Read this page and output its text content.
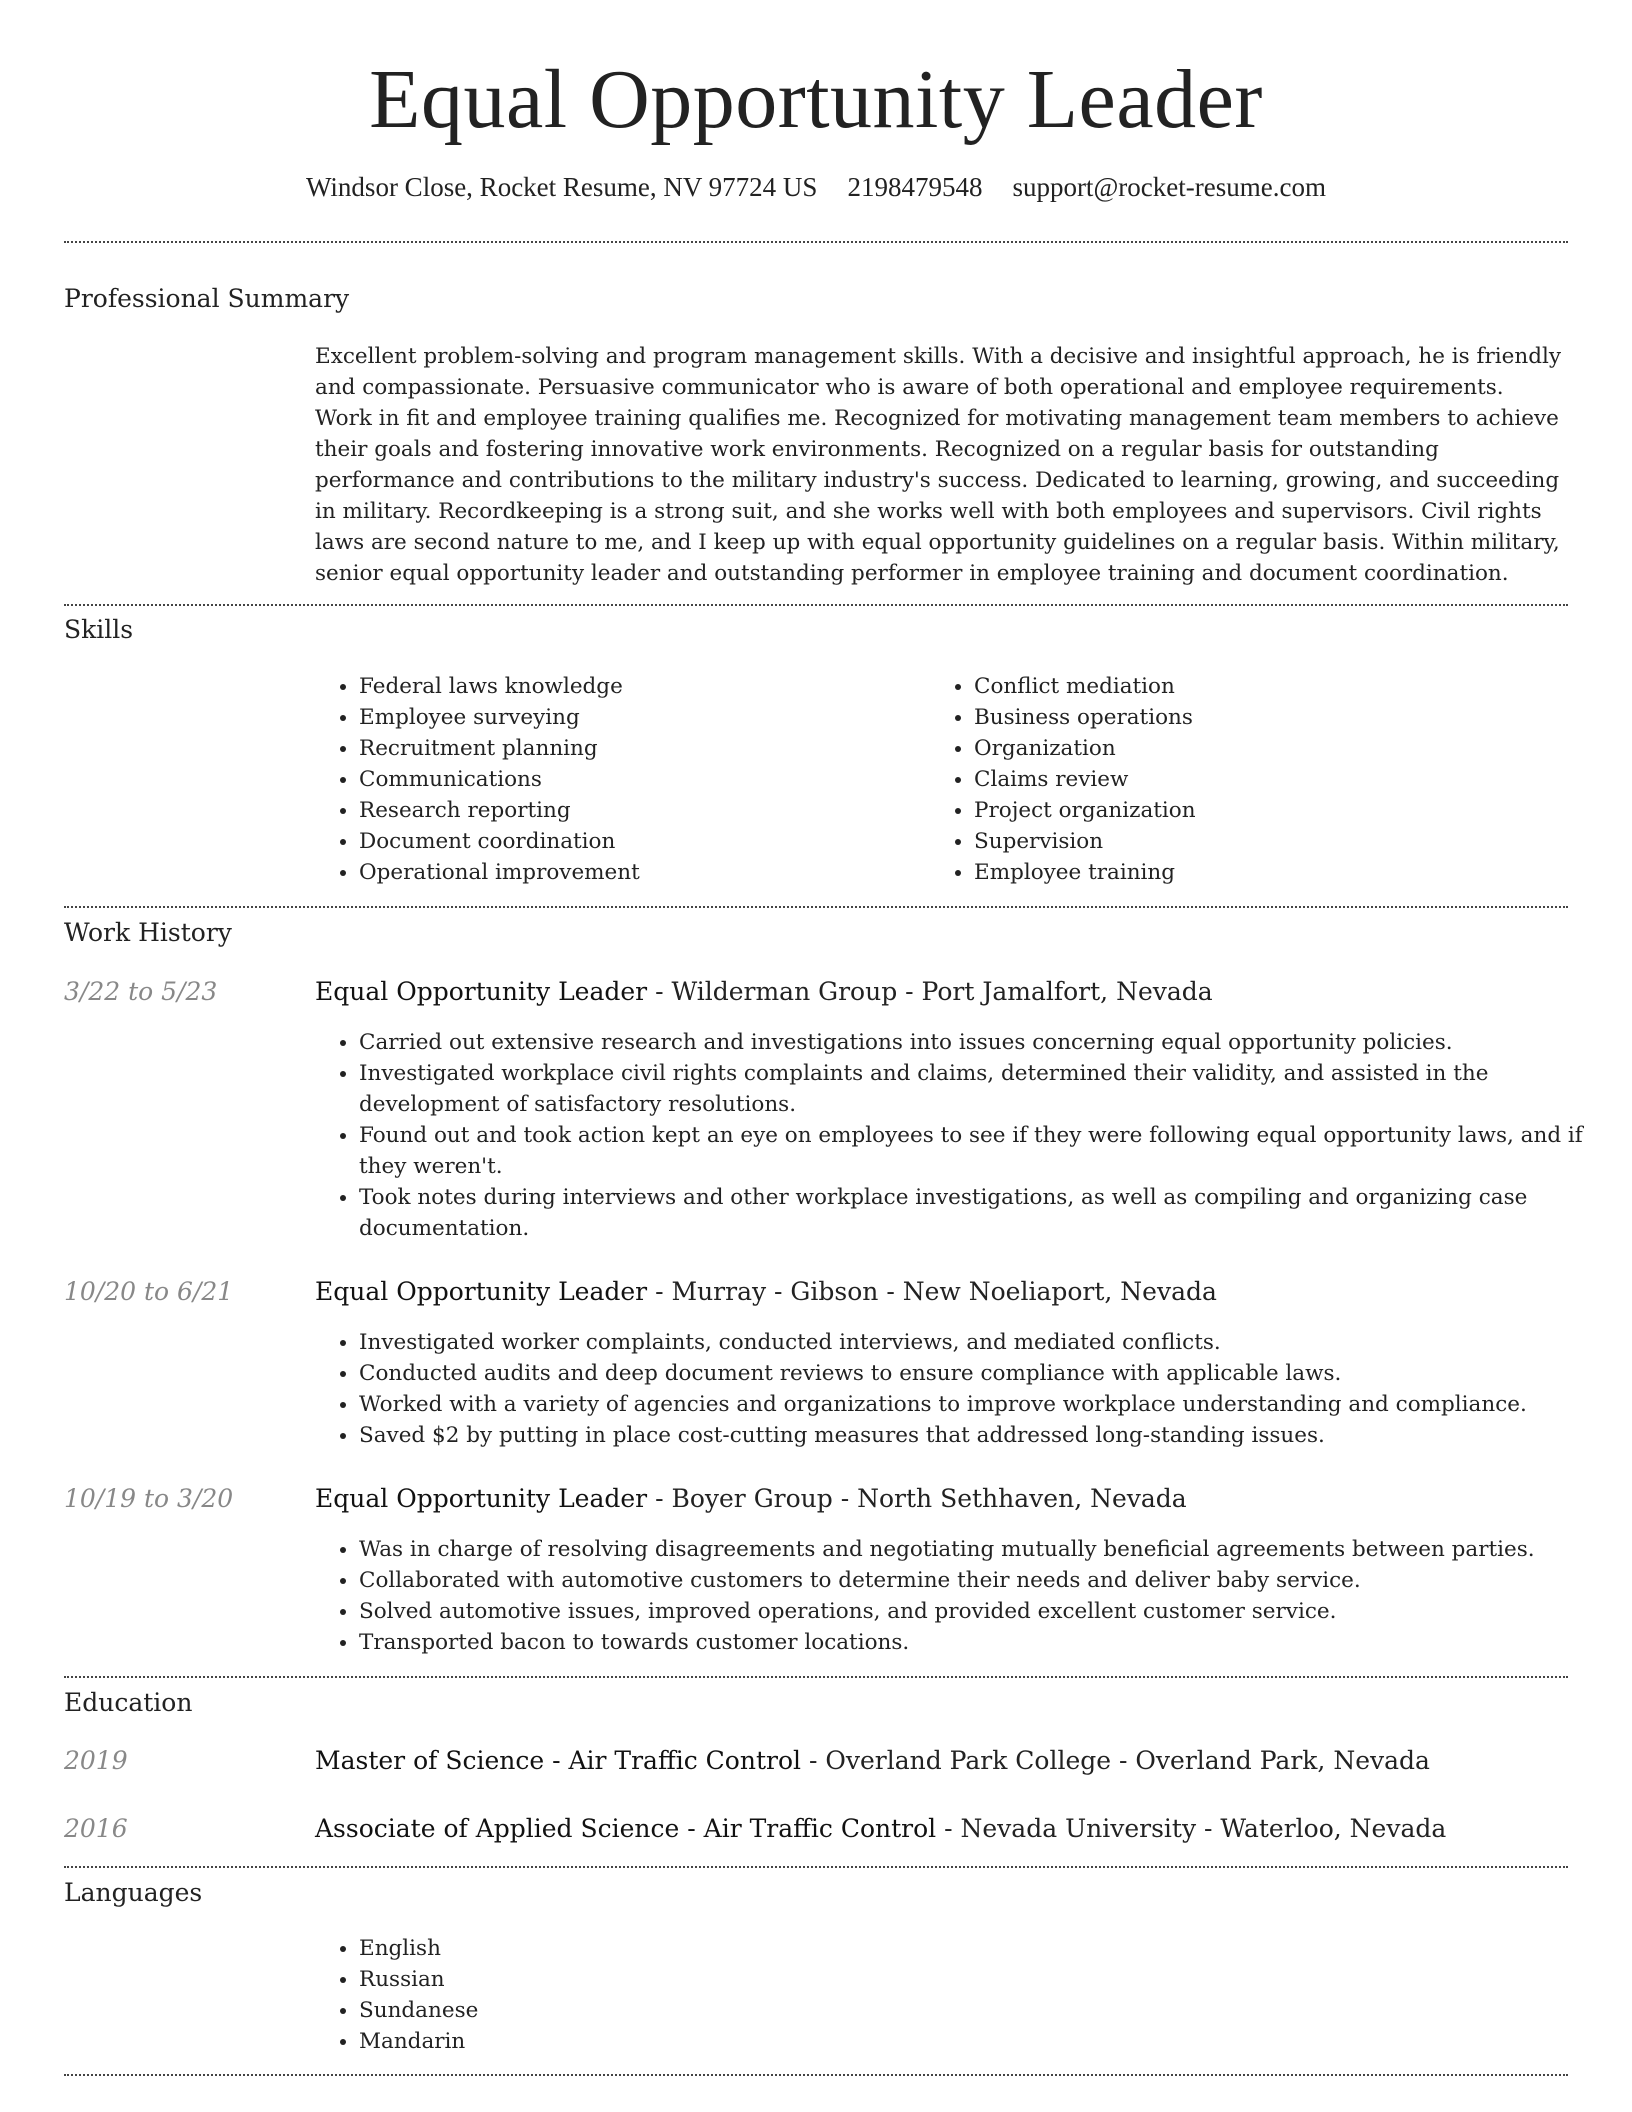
Equal Opportunity Leader
Windsor Close, Rocket Resume, NV 97724 US 2198479548 support@rocket-resume.com
Professional Summary
Excellent problem-solving and program management skills. With a decisive and insightful approach, he is friendly and compassionate. Persuasive communicator who is aware of both operational and employee requirements. Work in fit and employee training qualifies me. Recognized for motivating management team members to achieve their goals and fostering innovative work environments. Recognized on a regular basis for outstanding performance and contributions to the military industry's success. Dedicated to learning, growing, and succeeding in military. Recordkeeping is a strong suit, and she works well with both employees and supervisors. Civil rights laws are second nature to me, and I keep up with equal opportunity guidelines on a regular basis. Within military, senior equal opportunity leader and outstanding performer in employee training and document coordination.
Skills
• Federal laws knowledge
• Employee surveying
• Recruitment planning
• Communications
• Research reporting
• Document coordination
• Operational improvement
• Conflict mediation
• Business operations
• Organization
• Claims review
• Project organization
• Supervision
• Employee training
Work History
3/22 to 5/23	Equal Opportunity Leader - Wilderman Group - Port Jamalfort, Nevada
• Carried out extensive research and investigations into issues concerning equal opportunity policies.
• Investigated workplace civil rights complaints and claims, determined their validity, and assisted in the development of satisfactory resolutions.
• Found out and took action kept an eye on employees to see if they were following equal opportunity laws, and if they weren't.
• Took notes during interviews and other workplace investigations, as well as compiling and organizing case documentation.
10/20 to 6/21	Equal Opportunity Leader - Murray - Gibson - New Noeliaport, Nevada
• Investigated worker complaints, conducted interviews, and mediated conflicts.
• Conducted audits and deep document reviews to ensure compliance with applicable laws.
• Worked with a variety of agencies and organizations to improve workplace understanding and compliance.
• Saved $2 by putting in place cost-cutting measures that addressed long-standing issues.
10/19 to 3/20	Equal Opportunity Leader - Boyer Group - North Sethhaven, Nevada
• Was in charge of resolving disagreements and negotiating mutually beneficial agreements between parties.
• Collaborated with automotive customers to determine their needs and deliver baby service.
• Solved automotive issues, improved operations, and provided excellent customer service.
• Transported bacon to towards customer locations.
Education
2019	Master of Science - Air Traffic Control - Overland Park College - Overland Park, Nevada
2016	Associate of Applied Science - Air Traffic Control - Nevada University - Waterloo, Nevada
Languages
• English
• Russian
• Sundanese
• Mandarin
